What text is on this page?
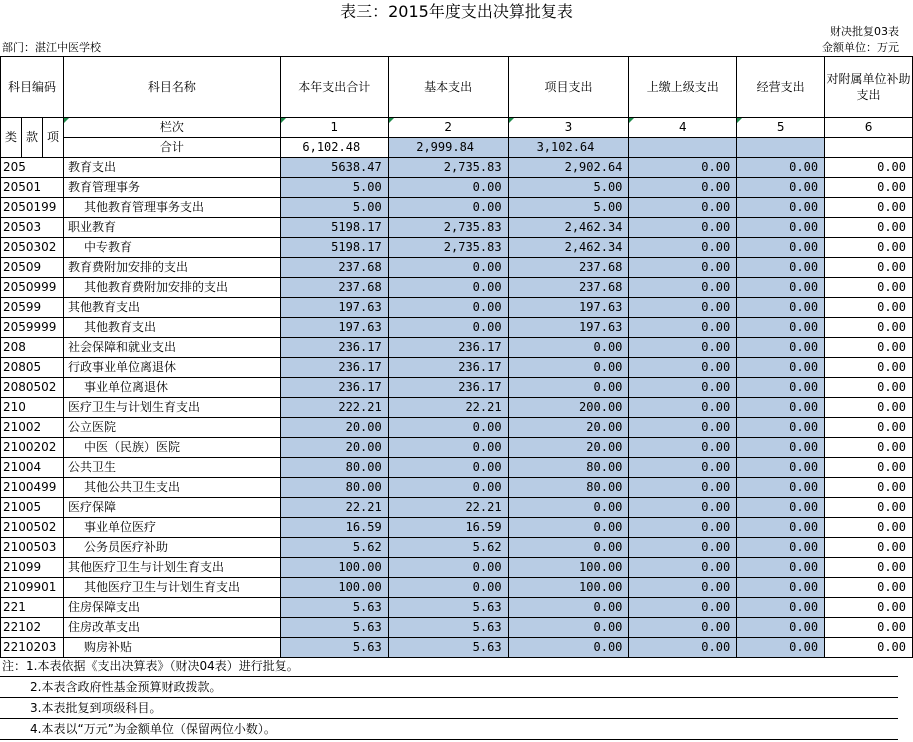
表三：2015年度支出决算批复表
财决批复03表
部门：湛江中医学校	金额单位：万元
科目编码			科目名称	本年支出合计	基本支出	项目支出	上缴上级支出	经营支出	对附属单位补助支出
类	款	项	栏次	1	2	3	4	5	6
			合计	6,102.48	2,999.84	3,102.64			
205			教育支出	5638.47	2,735.83	2,902.64	0.00	0.00	0.00
20501			教育管理事务	5.00	0.00	5.00	0.00	0.00	0.00
2050199			其他教育管理事务支出	5.00	0.00	5.00	0.00	0.00	0.00
20503			职业教育	5198.17	2,735.83	2,462.34	0.00	0.00	0.00
2050302			中专教育	5198.17	2,735.83	2,462.34	0.00	0.00	0.00
20509			教育费附加安排的支出	237.68	0.00	237.68	0.00	0.00	0.00
2050999			其他教育费附加安排的支出	237.68	0.00	237.68	0.00	0.00	0.00
20599			其他教育支出	197.63	0.00	197.63	0.00	0.00	0.00
2059999			其他教育支出	197.63	0.00	197.63	0.00	0.00	0.00
208			社会保障和就业支出	236.17	236.17	0.00	0.00	0.00	0.00
20805			行政事业单位离退休	236.17	236.17	0.00	0.00	0.00	0.00
2080502			事业单位离退休	236.17	236.17	0.00	0.00	0.00	0.00
210			医疗卫生与计划生育支出	222.21	22.21	200.00	0.00	0.00	0.00
21002			公立医院	20.00	0.00	20.00	0.00	0.00	0.00
2100202			中医（民族）医院	20.00	0.00	20.00	0.00	0.00	0.00
21004			公共卫生	80.00	0.00	80.00	0.00	0.00	0.00
2100499			其他公共卫生支出	80.00	0.00	80.00	0.00	0.00	0.00
21005			医疗保障	22.21	22.21	0.00	0.00	0.00	0.00
2100502			事业单位医疗	16.59	16.59	0.00	0.00	0.00	0.00
2100503			公务员医疗补助	5.62	5.62	0.00	0.00	0.00	0.00
21099			其他医疗卫生与计划生育支出	100.00	0.00	100.00	0.00	0.00	0.00
2109901			其他医疗卫生与计划生育支出	100.00	0.00	100.00	0.00	0.00	0.00
221			住房保障支出	5.63	5.63	0.00	0.00	0.00	0.00
22102			住房改革支出	5.63	5.63	0.00	0.00	0.00	0.00
2210203			购房补贴	5.63	5.63	0.00	0.00	0.00	0.00
注：1.本表依据《支出决算表》（财决04表）进行批复。
2.本表含政府性基金预算财政拨款。
3.本表批复到项级科目。
4.本表以“万元”为金额单位（保留两位小数）。
